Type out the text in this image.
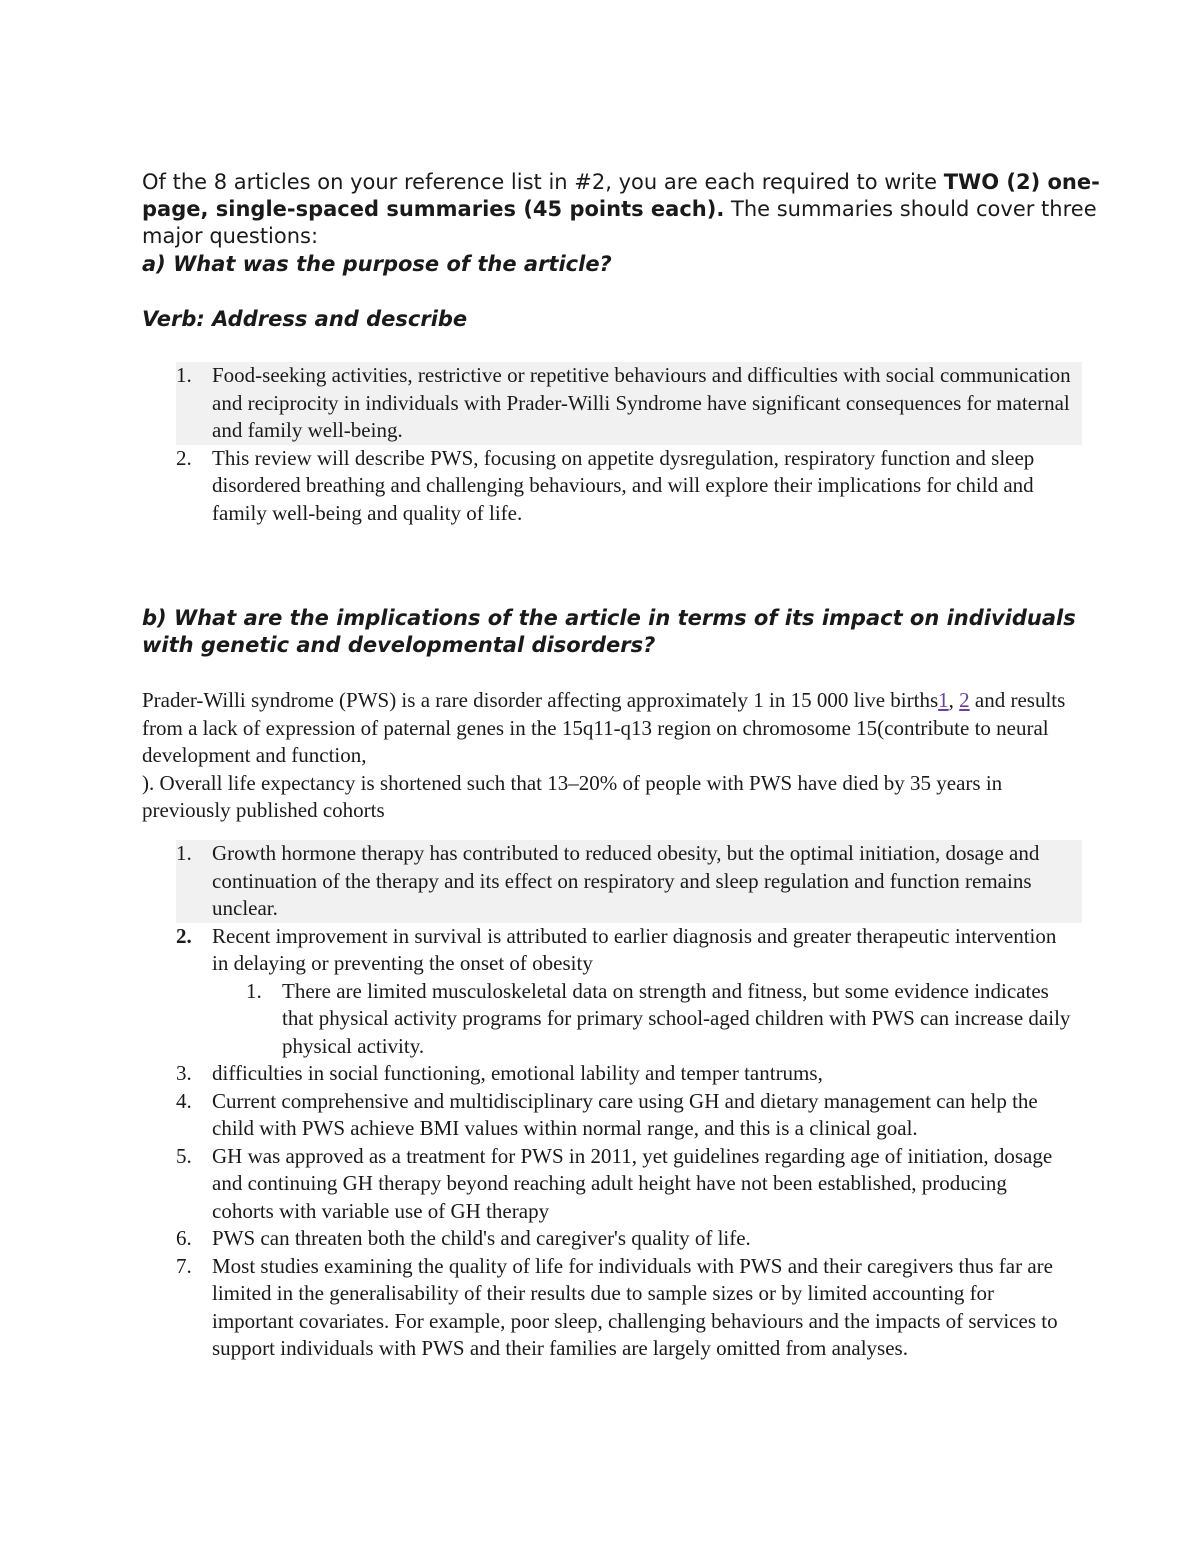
Of the 8 articles on your reference list in #2, you are each required to write TWO (2) one-page, single-spaced summaries (45 points each). The summaries should cover three major questions:
a) What was the purpose of the article?
Verb: Address and describe
1. Food-seeking activities, restrictive or repetitive behaviours and difficulties with social communication and reciprocity in individuals with Prader-Willi Syndrome have significant consequences for maternal and family well-being.
2. This review will describe PWS, focusing on appetite dysregulation, respiratory function and sleep disordered breathing and challenging behaviours, and will explore their implications for child and family well-being and quality of life.
b) What are the implications of the article in terms of its impact on individuals with genetic and developmental disorders?
Prader-Willi syndrome (PWS) is a rare disorder affecting approximately 1 in 15 000 live births1, 2 and results from a lack of expression of paternal genes in the 15q11-q13 region on chromosome 15(contribute to neural development and function,
). Overall life expectancy is shortened such that 13–20% of people with PWS have died by 35 years in previously published cohorts
1. Growth hormone therapy has contributed to reduced obesity, but the optimal initiation, dosage and continuation of the therapy and its effect on respiratory and sleep regulation and function remains unclear.
2. Recent improvement in survival is attributed to earlier diagnosis and greater therapeutic intervention in delaying or preventing the onset of obesity
1. There are limited musculoskeletal data on strength and fitness, but some evidence indicates that physical activity programs for primary school-aged children with PWS can increase daily physical activity.
3. difficulties in social functioning, emotional lability and temper tantrums,
4. Current comprehensive and multidisciplinary care using GH and dietary management can help the child with PWS achieve BMI values within normal range, and this is a clinical goal.
5. GH was approved as a treatment for PWS in 2011, yet guidelines regarding age of initiation, dosage and continuing GH therapy beyond reaching adult height have not been established, producing cohorts with variable use of GH therapy
6. PWS can threaten both the child's and caregiver's quality of life.
7. Most studies examining the quality of life for individuals with PWS and their caregivers thus far are limited in the generalisability of their results due to sample sizes or by limited accounting for important covariates. For example, poor sleep, challenging behaviours and the impacts of services to support individuals with PWS and their families are largely omitted from analyses.
